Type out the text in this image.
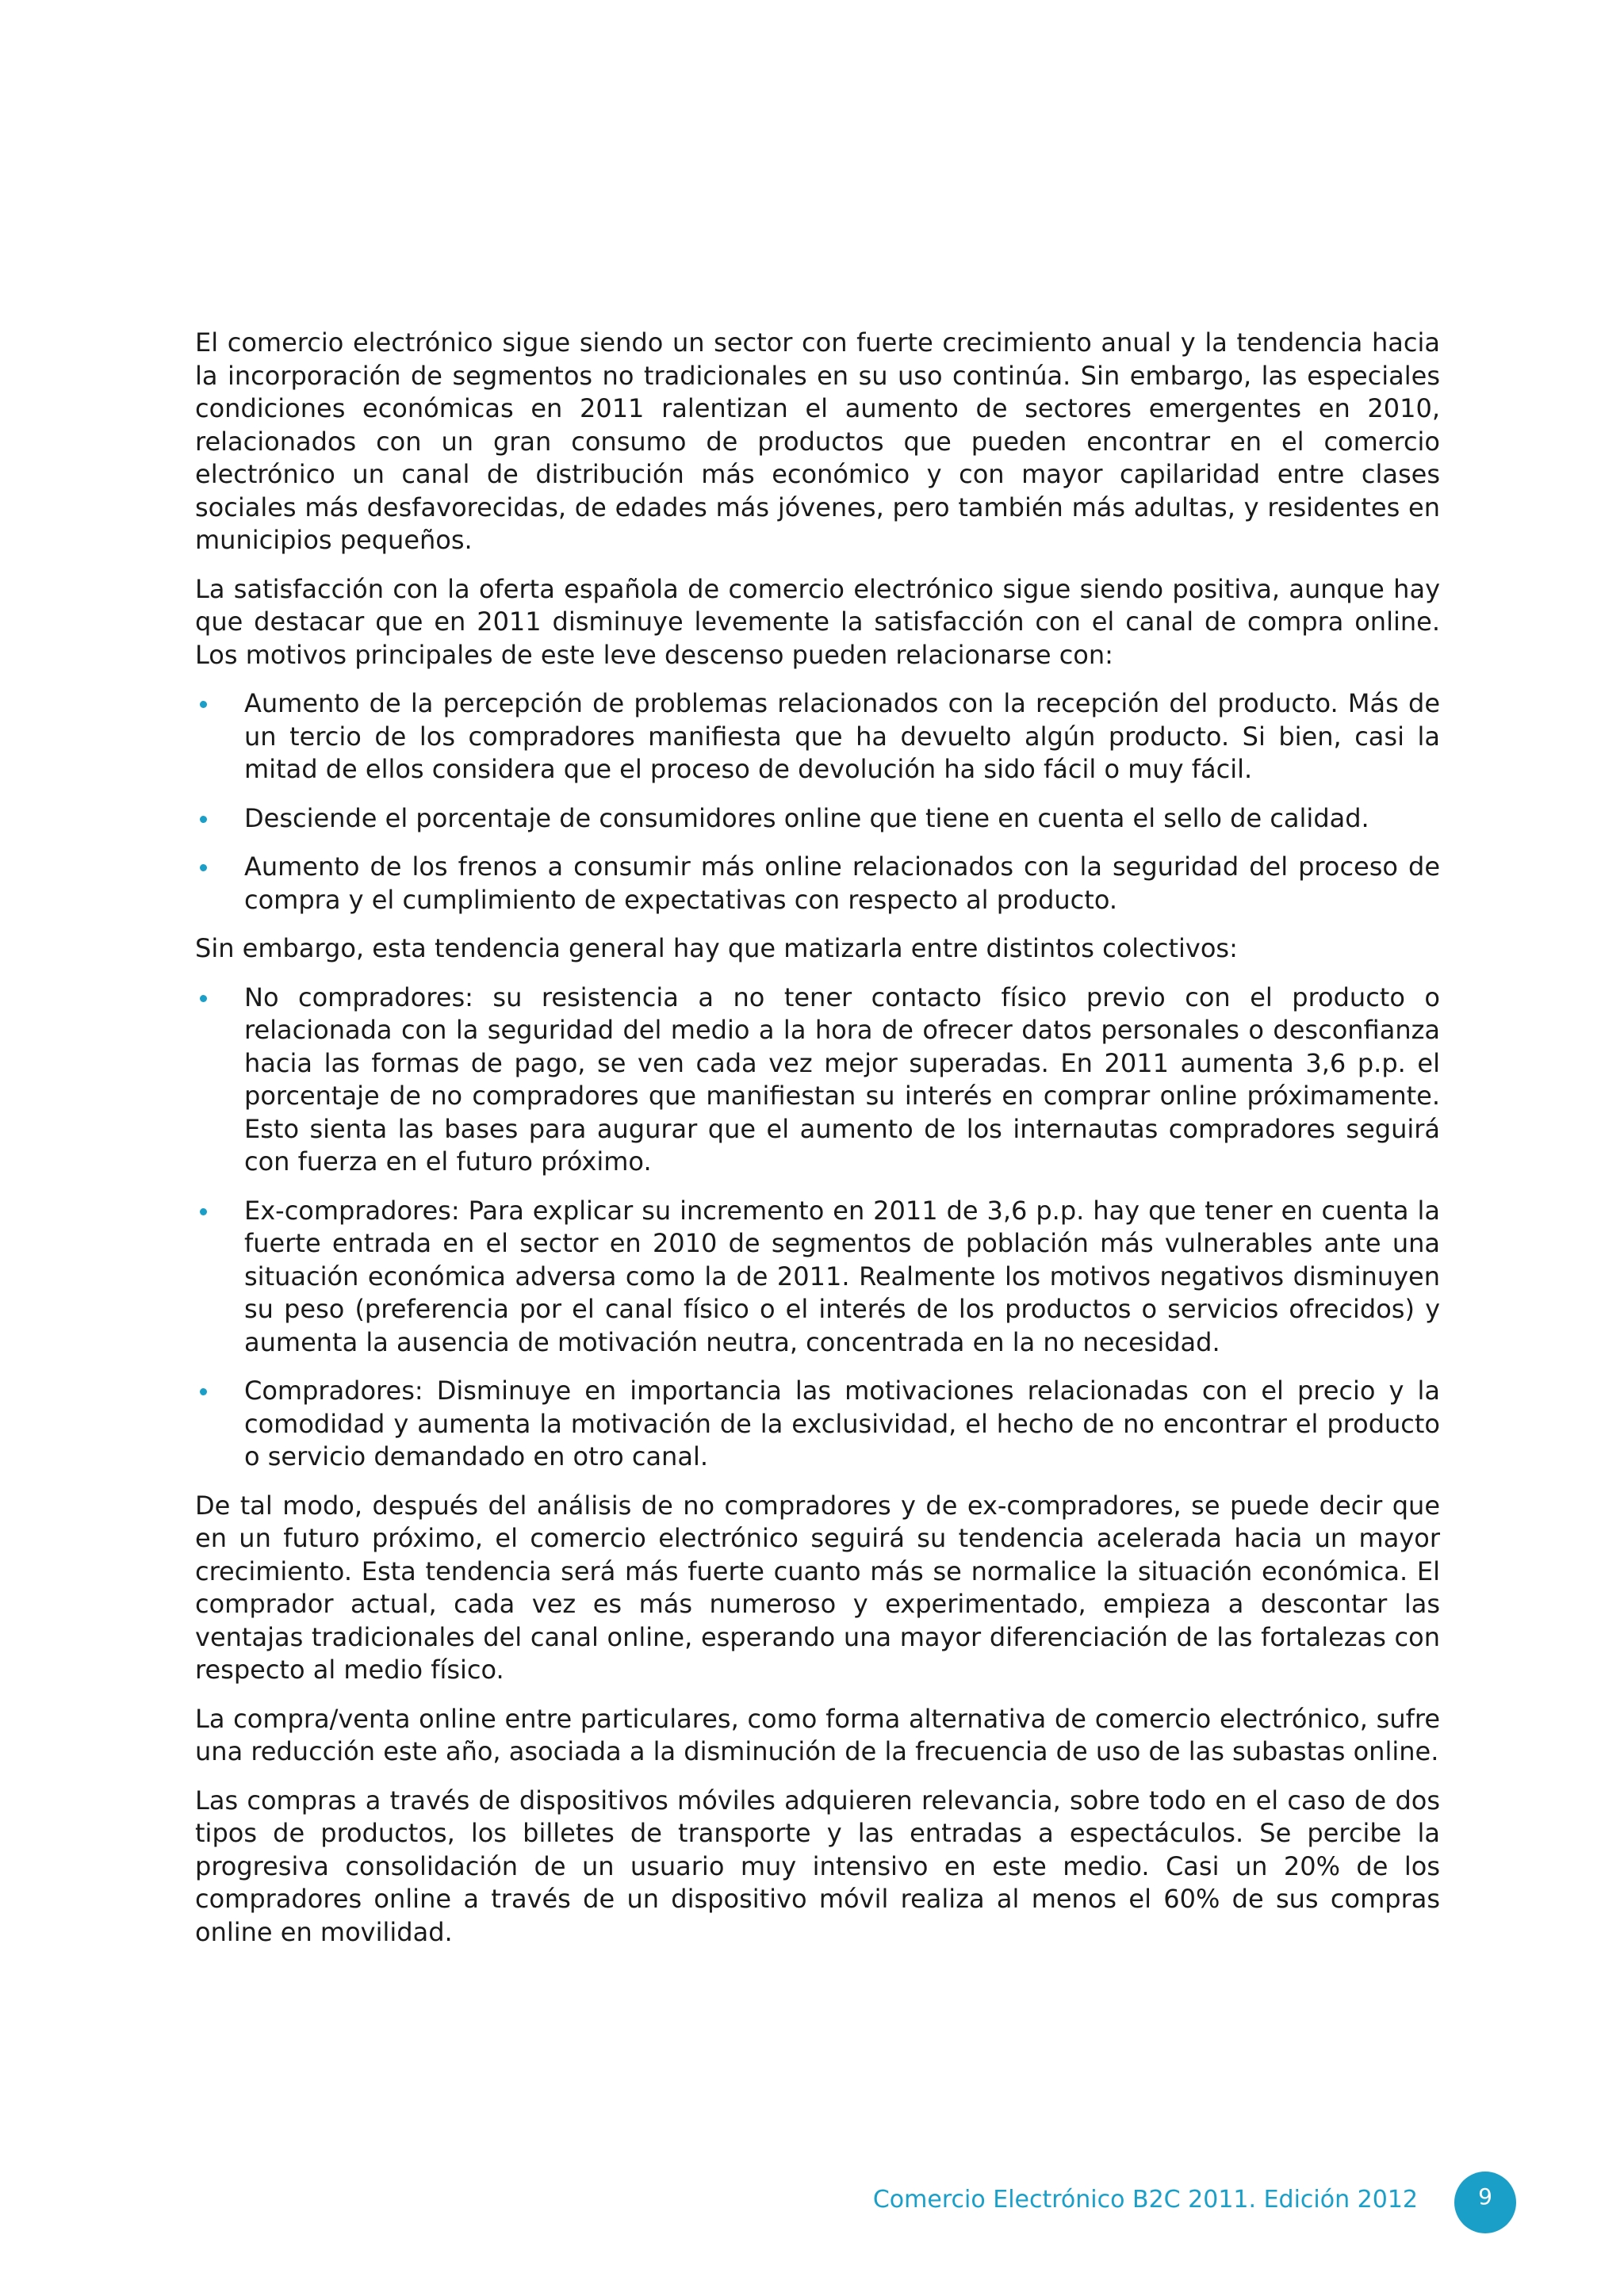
El comercio electrónico sigue siendo un sector con fuerte crecimiento anual y la tendencia hacia la incorporación de segmentos no tradicionales en su uso continúa. Sin embargo, las especiales condiciones económicas en 2011 ralentizan el aumento de sectores emergentes en 2010, relacionados con un gran consumo de productos que pueden encontrar en el comercio electrónico un canal de distribución más económico y con mayor capilaridad entre clases sociales más desfavorecidas, de edades más jóvenes, pero también más adultas, y residentes en municipios pequeños.

La satisfacción con la oferta española de comercio electrónico sigue siendo positiva, aunque hay que destacar que en 2011 disminuye levemente la satisfacción con el canal de compra online. Los motivos principales de este leve descenso pueden relacionarse con:

Aumento de la percepción de problemas relacionados con la recepción del producto. Más de un tercio de los compradores manifiesta que ha devuelto algún producto. Si bien, casi la mitad de ellos considera que el proceso de devolución ha sido fácil o muy fácil.
Desciende el porcentaje de consumidores online que tiene en cuenta el sello de calidad.
Aumento de los frenos a consumir más online relacionados con la seguridad del proceso de compra y el cumplimiento de expectativas con respecto al producto.

Sin embargo, esta tendencia general hay que matizarla entre distintos colectivos:

No compradores: su resistencia a no tener contacto físico previo con el producto o relacionada con la seguridad del medio a la hora de ofrecer datos personales o desconfianza hacia las formas de pago, se ven cada vez mejor superadas. En 2011 aumenta 3,6 p.p. el porcentaje de no compradores que manifiestan su interés en comprar online próximamente. Esto sienta las bases para augurar que el aumento de los internautas compradores seguirá con fuerza en el futuro próximo.
Ex-compradores: Para explicar su incremento en 2011 de 3,6 p.p. hay que tener en cuenta la fuerte entrada en el sector en 2010 de segmentos de población más vulnerables ante una situación económica adversa como la de 2011. Realmente los motivos negativos disminuyen su peso (preferencia por el canal físico o el interés de los productos o servicios ofrecidos) y aumenta la ausencia de motivación neutra, concentrada en la no necesidad.
Compradores: Disminuye en importancia las motivaciones relacionadas con el precio y la comodidad y aumenta la motivación de la exclusividad, el hecho de no encontrar el producto o servicio demandado en otro canal.

De tal modo, después del análisis de no compradores y de ex-compradores, se puede decir que en un futuro próximo, el comercio electrónico seguirá su tendencia acelerada hacia un mayor crecimiento. Esta tendencia será más fuerte cuanto más se normalice la situación económica. El comprador actual, cada vez es más numeroso y experimentado, empieza a descontar las ventajas tradicionales del canal online, esperando una mayor diferenciación de las fortalezas con respecto al medio físico.

La compra/venta online entre particulares, como forma alternativa de comercio electrónico, sufre una reducción este año, asociada a la disminución de la frecuencia de uso de las subastas online.

Las compras a través de dispositivos móviles adquieren relevancia, sobre todo en el caso de dos tipos de productos, los billetes de transporte y las entradas a espectáculos. Se percibe la progresiva consolidación de un usuario muy intensivo en este medio. Casi un 20% de los compradores online a través de un dispositivo móvil realiza al menos el 60% de sus compras online en movilidad.

Comercio Electrónico B2C 2011. Edición 2012	9
